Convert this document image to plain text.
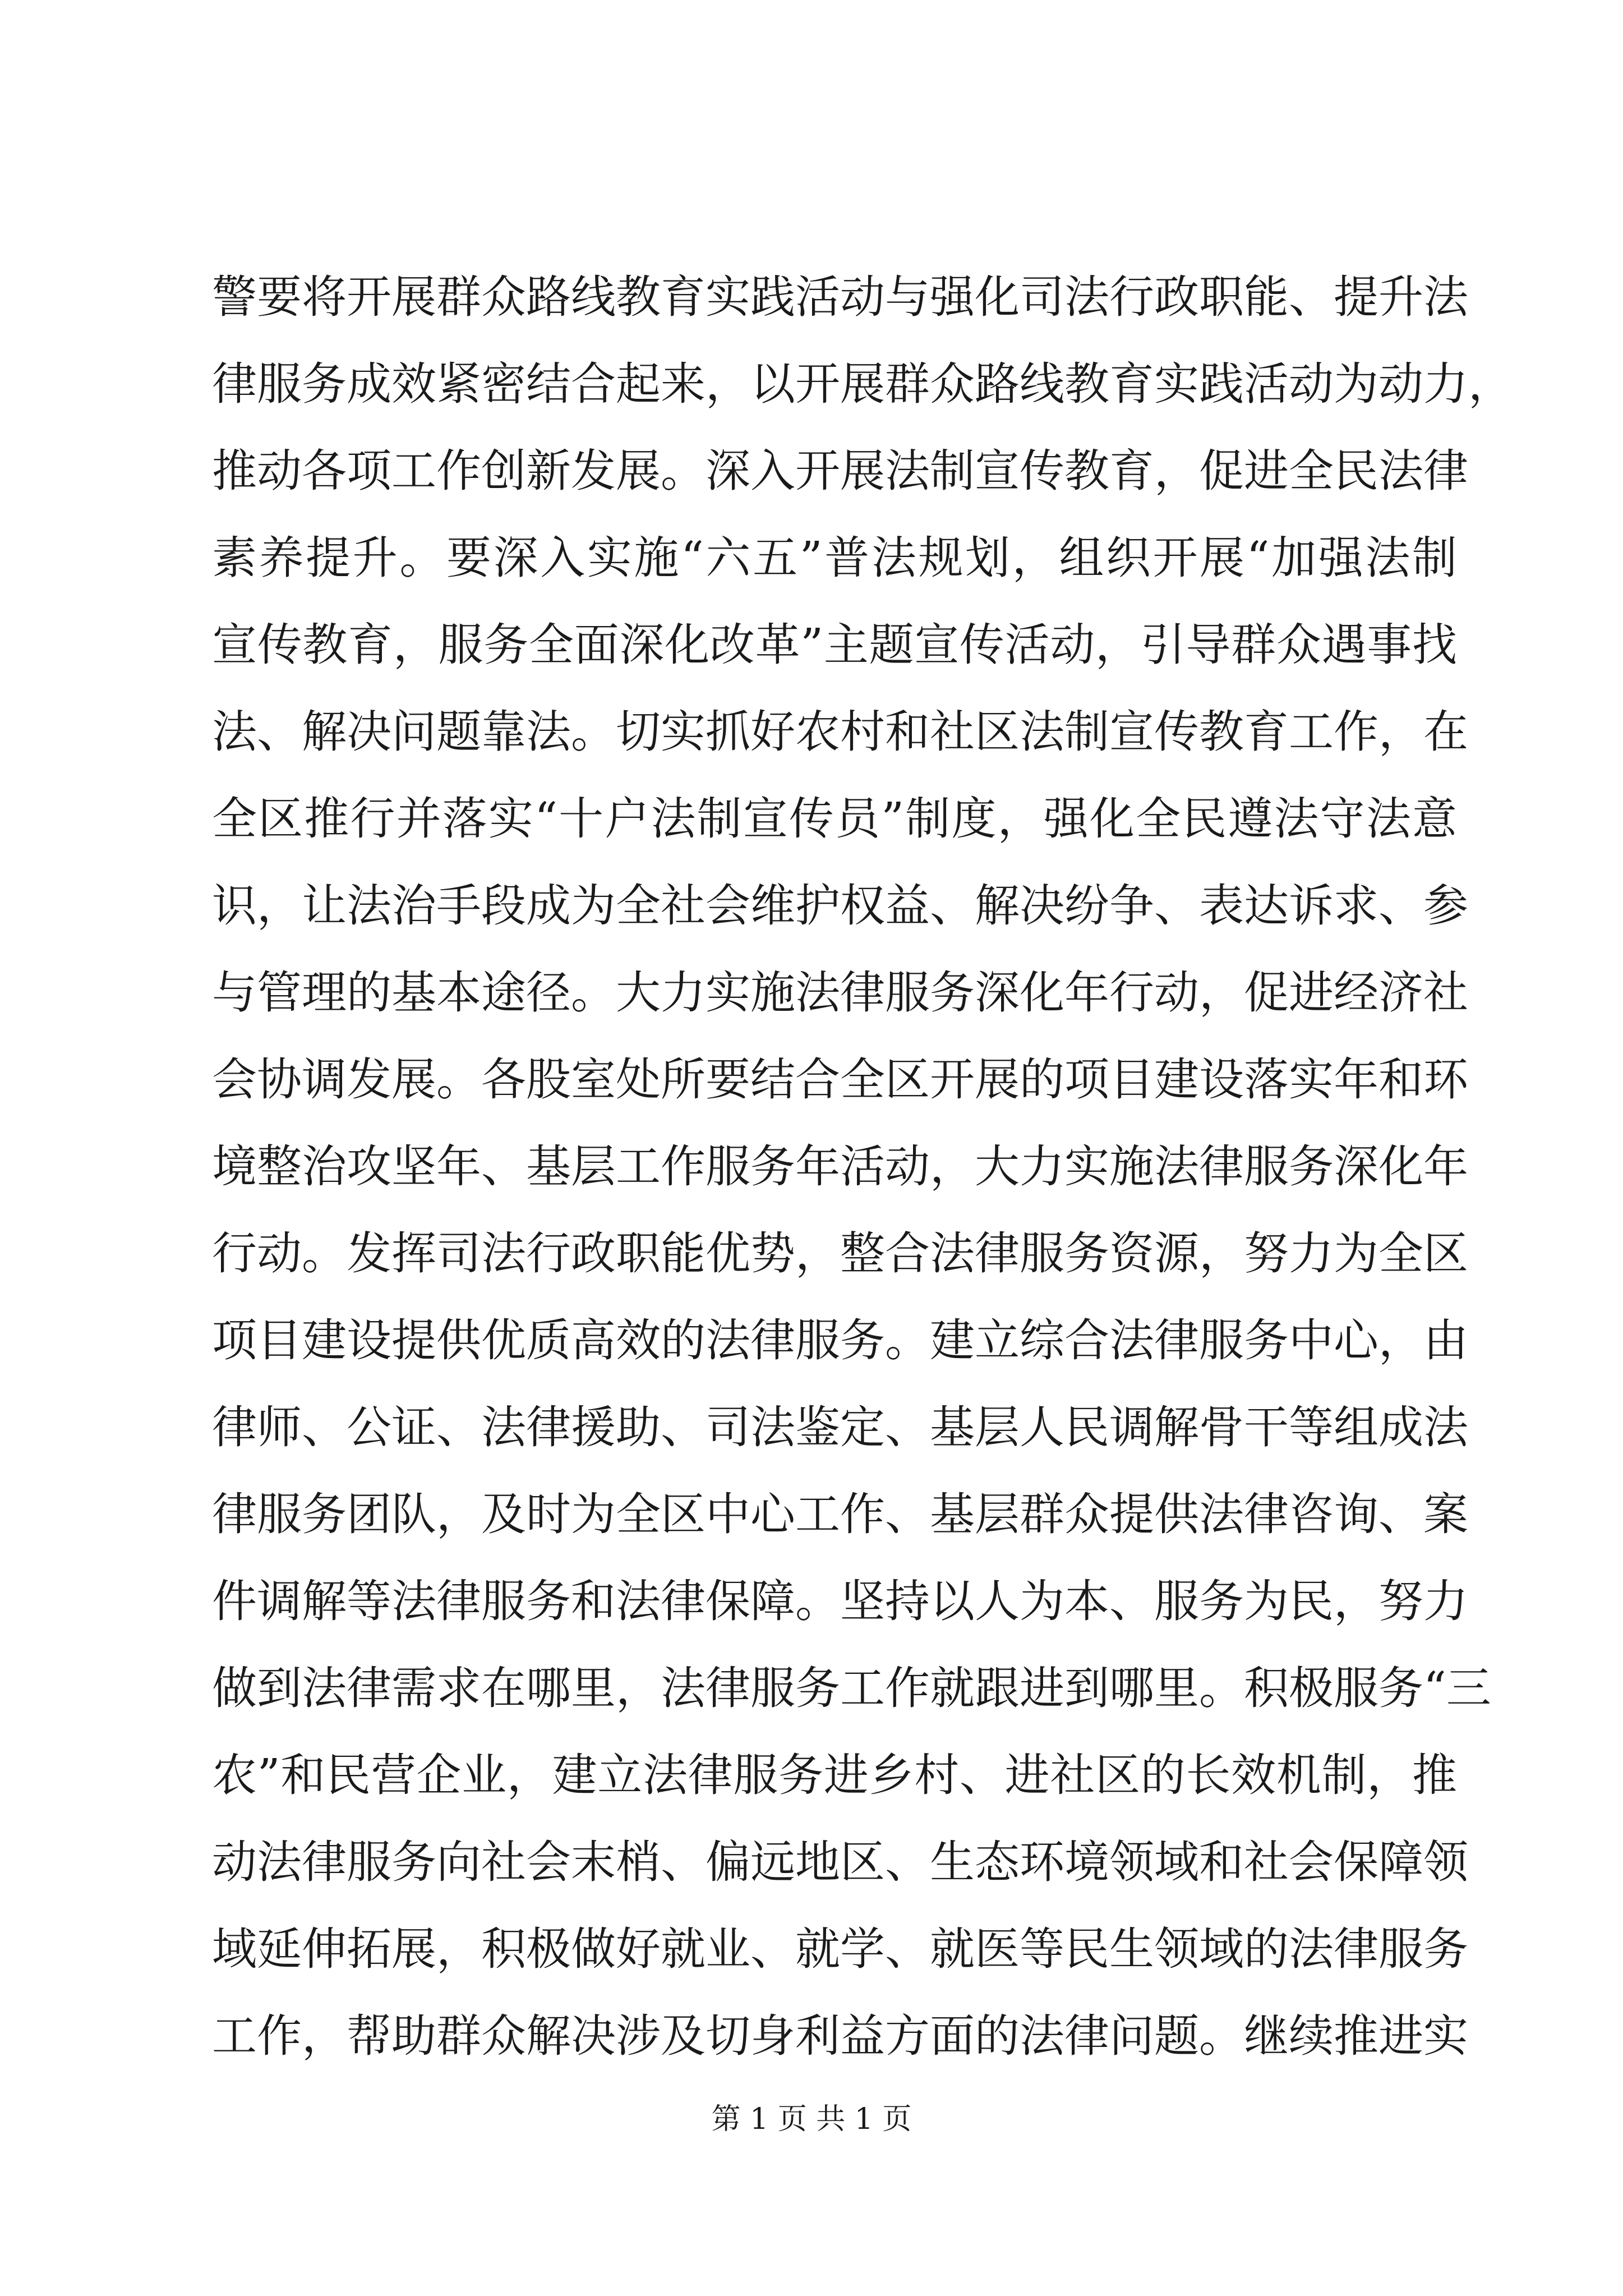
警要将开展群众路线教育实践活动与强化司法行政职能、提升法
律服务成效紧密结合起来，以开展群众路线教育实践活动为动力，
推动各项工作创新发展。深入开展法制宣传教育，促进全民法律
素养提升。要深入实施“六五”普法规划，组织开展“加强法制
宣传教育，服务全面深化改革”主题宣传活动，引导群众遇事找
法、解决问题靠法。切实抓好农村和社区法制宣传教育工作，在
全区推行并落实“十户法制宣传员”制度，强化全民遵法守法意
识，让法治手段成为全社会维护权益、解决纷争、表达诉求、参
与管理的基本途径。大力实施法律服务深化年行动，促进经济社
会协调发展。各股室处所要结合全区开展的项目建设落实年和环
境整治攻坚年、基层工作服务年活动，大力实施法律服务深化年
行动。发挥司法行政职能优势，整合法律服务资源，努力为全区
项目建设提供优质高效的法律服务。建立综合法律服务中心，由
律师、公证、法律援助、司法鉴定、基层人民调解骨干等组成法
律服务团队，及时为全区中心工作、基层群众提供法律咨询、案
件调解等法律服务和法律保障。坚持以人为本、服务为民，努力
做到法律需求在哪里，法律服务工作就跟进到哪里。积极服务“三
农”和民营企业，建立法律服务进乡村、进社区的长效机制，推
动法律服务向社会末梢、偏远地区、生态环境领域和社会保障领
域延伸拓展，积极做好就业、就学、就医等民生领域的法律服务
工作，帮助群众解决涉及切身利益方面的法律问题。继续推进实
第 1 页 共 1 页
